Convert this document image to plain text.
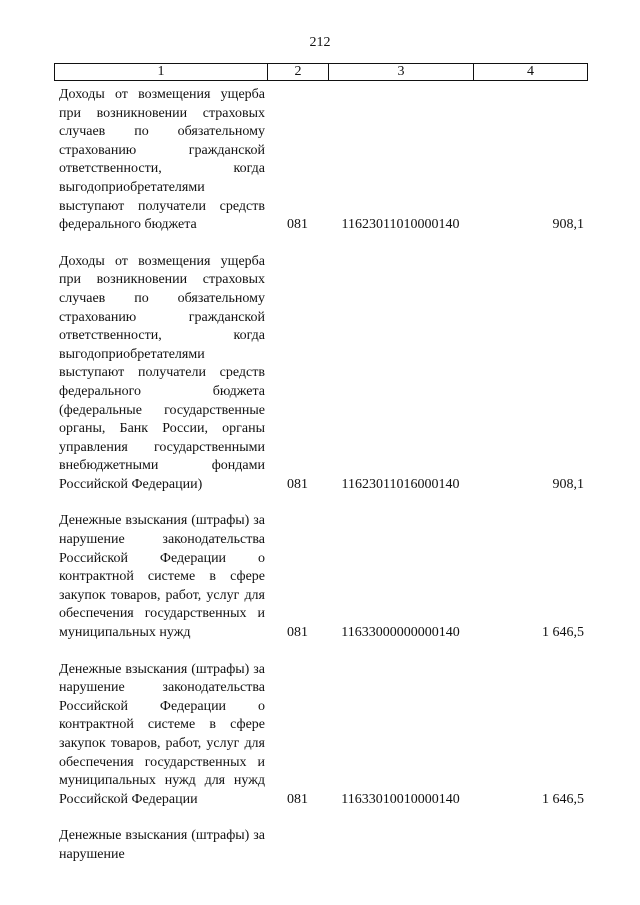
212
1	2	3	4
Доходы от возмещения ущерба при возникновении страховых случаев по обязательному страхованию гражданской ответственности, когда выгодоприобретателями выступают получатели средств федерального бюджета	081	11623011010000140	908,1
Доходы от возмещения ущерба при возникновении страховых случаев по обязательному страхованию гражданской ответственности, когда выгодоприобретателями выступают получатели средств федерального бюджета (федеральные государственные органы, Банк России, органы управления государственными внебюджетными фондами Российской Федерации)	081	11623011016000140	908,1
Денежные взыскания (штрафы) за нарушение законодательства Российской Федерации о контрактной системе в сфере закупок товаров, работ, услуг для обеспечения государственных и муниципальных нужд	081	11633000000000140	1 646,5
Денежные взыскания (штрафы) за нарушение законодательства Российской Федерации о контрактной системе в сфере закупок товаров, работ, услуг для обеспечения государственных и муниципальных нужд для нужд Российской Федерации	081	11633010010000140	1 646,5
Денежные взыскания (штрафы) за нарушение
